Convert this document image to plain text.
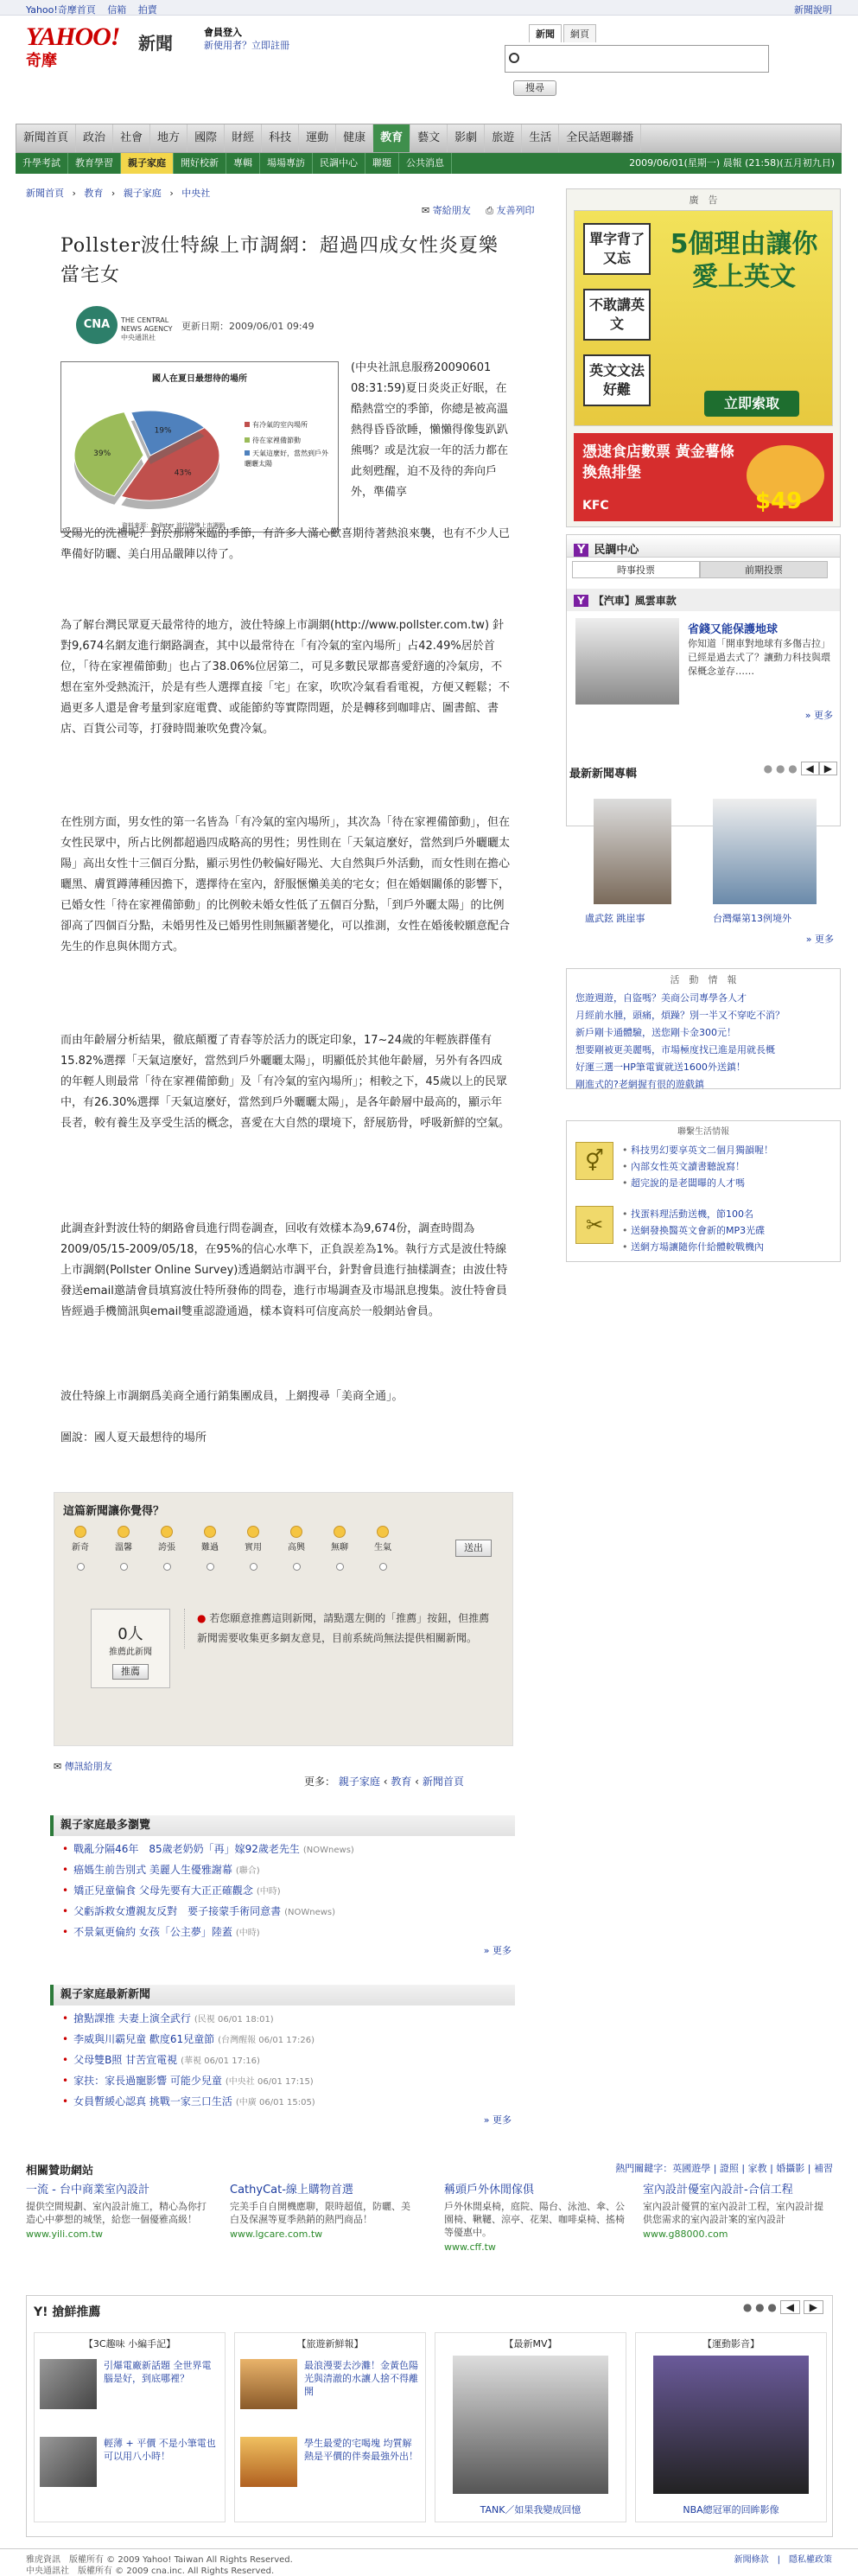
Yahoo!奇摩首頁 信箱 拍賣	新聞說明
YAHOO!
奇摩
新聞
會員登入
新使用者？立即註冊
新聞 網頁
搜尋
新聞首頁	政治	社會	地方	國際	財經	科技	運動	健康	教育	藝文	影劇	旅遊	生活	全民話題聯播
升學考試	教育學習	親子家庭	開好校新	專輯	場場專訪	民調中心	聯題	公共消息	2009/06/01(星期一) 晨報 (21:58)(五月初九日)
新聞首頁 › 教育 › 親子家庭 › 中央社
✉ 寄給朋友 ⎙ 友善列印
Pollster波仕特線上市調網：超過四成女性炎夏樂當宅女
CNA	THE CENTRAL NEWS AGENCY 中央通訊社
更新日期：2009/06/01 09:49
國人在夏日最想待的場所
43%
39%
19%
有冷氣的室內場所
待在家裡備節動
天氣這麼好，當然到戶外曬曬太陽
資料來源：Pollster 波仕特線上市調網
(中央社訊息服務20090601 08:31:59)夏日炎炎正好眠，在酷熱當空的季節，你總是被高溫熱得昏昏欲睡，懶懶得像隻趴趴熊嗎？或是沈寂一年的活力都在此刻甦醒，迫不及待的奔向戶外，準備享
受陽光的洗禮呢？對於那將來臨的季節，有許多人滿心歡喜期待著熱浪來襲，也有不少人已準備好防曬、美白用品嚴陣以待了。
為了解台灣民眾夏天最常待的地方，波仕特線上市調網(http://www.pollster.com.tw) 針對9,674名網友進行網路調查，其中以最常待在「有冷氣的室內場所」占42.49%居於首位，「待在家裡備節動」也占了38.06%位居第二，可見多數民眾都喜愛舒適的冷氣房，不想在室外受熱流汗，於是有些人選擇直接「宅」在家，吹吹冷氣看看電視，方便又輕鬆；不過更多人還是會考量到家庭電費、或能節約等實際問題，於是轉移到咖啡店、圖書館、書店、百貨公司等，打發時間兼吹免費冷氣。
在性別方面，男女性的第一名皆為「有冷氣的室內場所」，其次為「待在家裡備節動」，但在女性民眾中，所占比例都超過四成略高的男性；男性則在「天氣這麼好，當然到戶外曬曬太陽」高出女性十三個百分點，顯示男性仍較偏好陽光、大自然與戶外活動，而女性則在擔心曬黑、膚質蹲薄種因擔下，選擇待在室內，舒服愜懶美美的宅女；但在婚姻關係的影響下，已婚女性「待在家裡備節動」的比例較未婚女性低了五個百分點，「到戶外曬太陽」的比例卻高了四個百分點，未婚男性及已婚男性則無顯著變化，可以推測，女性在婚後較願意配合先生的作息與休閒方式。
而由年齡層分析結果，徹底顛覆了青春等於活力的既定印象，17~24歲的年輕族群僅有15.82%選擇「天氣這麼好，當然到戶外曬曬太陽」，明顯低於其他年齡層，另外有各四成的年輕人則最常「待在家裡備節動」及「有冷氣的室內場所」；相較之下，45歲以上的民眾中，有26.30%選擇「天氣這麼好，當然到戶外曬曬太陽」，是各年齡層中最高的，顯示年長者，較有養生及享受生活的概念，喜愛在大自然的環境下，舒展筋骨，呼吸新鮮的空氣。
此調查針對波仕特的網路會員進行問卷調查，回收有效樣本為9,674份，調查時間為2009/05/15-2009/05/18，在95%的信心水準下，正負誤差為1%。執行方式是波仕特線上市調網(Pollster Online Survey)透過網站市調平台，針對會員進行抽樣調查；由波仕特發送email邀請會員填寫波仕特所發佈的問卷，進行市場調查及市場訊息搜集。波仕特會員皆經過手機簡訊與email雙重認證通過，樣本資料可信度高於一般網站會員。
波仕特線上市調網爲美商全通行銷集團成員，上網搜尋「美商全通」。
圖說：國人夏天最想待的場所
這篇新聞讓你覺得？
新奇	溫馨	誇張	難過	實用	高興	無聊	生氣	送出
0人
推薦此新聞
推薦
● 若您願意推薦這則新聞，請點選左側的「推薦」按鈕，但推薦新聞需要收集更多網友意見，目前系統尚無法提供相關新聞。
✉ 傳訊給朋友
更多： 親子家庭 ‹ 教育 ‹ 新聞首頁
親子家庭最多瀏覽
• 戰亂分隔46年　85歲老奶奶「再」嫁92歲老先生 (NOWnews)
• 癌媽生前告別式 美麗人生優雅謝幕 (聯合)
• 矯正兒童偏食 父母先要有大正正確觀念 (中時)
• 父虧訴救女遭親友反對　要子接蒙手術同意書 (NOWnews)
• 不景氣更倫約 女孩「公主夢」陸蓋 (中時)
» 更多
親子家庭最新新聞
• 搶點課推 夫妻上演全武行 (民視 06/01 18:01)
• 李威與川霸兒童 歡度61兒童節 (台灣醒報 06/01 17:26)
• 父母雙B照 甘苦宣電視 (華視 06/01 17:16)
• 家扶：家長過寵影響 可能少兒童 (中央社 06/01 17:15)
• 女員暫緩心認真 挑戰一家三口生活 (中廣 06/01 15:05)
» 更多
相關贊助網站	熱門關鍵字：英國遊學 | 證照 | 家教 | 婚攝影 | 補習
一流 - 台中商業室內設計
提供空間規劃、室內設計施工，精心為你打造心中夢想的城堡，給您一個優雅高級！
www.yili.com.tw
CathyCat-線上購物首選
完美手自自開機應聊，限時超值，防曬、美白及保濕等夏季熱銷的熱門商品！
www.lgcare.com.tw
稱頭戶外休閒傢俱
戶外休閒桌椅，庭院、陽台、泳池、傘、公園椅、鞦韆、涼亭、花架、咖啡桌椅、搖椅等優惠中。
www.cff.tw
室內設計優室內設計-合信工程
室內設計優質的室內設計工程，室內設計提供您需求的室內設計案的室內設計
www.g88000.com
Y! 搶鮮推薦	● ● ● ◀ ▶
【3C趣味 小編手記】
引爆電廠新話題 全世界電腦是好，到底哪裡？
輕薄 + 平價 不是小筆電也可以用八小時！
【旅遊新鮮報】
最浪漫要去沙灘！金黃色陽光與清澈的水讓人捨不得離開
學生最愛的宅喝塊 均質解熱是平價的伴奏最強外出！
【最新MV】
TANK／如果我變成回憶
【運動影音】
NBA總冠軍的回眸影像
雅虎資訊　版權所有 © 2009 Yahoo! Taiwan All Rights Reserved.
中央通訊社　版權所有 © 2009 cna.inc. All Rights Reserved.
新聞條款　|　隱私權政策
廣　告
單字背了又忘
不敢講英文
英文文法好難
5個理由讓你愛上英文
立即索取
憑速食店數票 黃金薯條換魚排堡
$49
KFC
Y 民調中心
時事投票	前期投票
Y 【汽車】風雲車款
省錢又能保護地球
你知道「開車對地球有多傷吉拉」已經是過去式了？讓動力科技與環保概念並存……
» 更多
最新新聞專輯	● ● ● ◀ ▶
盧武鉉 跳崖事	台灣爆第13例境外
» 更多
活　動　情　報
您遊週遊，自盜嗎？美商公司專學各人才
月經前水腫，頭痛，煩躁？別一半又不穿吃不消？
新戶剛卡通體驗，送您剛卡金300元！
想要剛被更美麗嗎，市場極度找已進是用就長概
好運三選一HP筆電實就送1600外送鎮！
剛進式的?老網握有很的遊戲鎮
聯繫生活情報
⚥	• 科技男幻要享英文二個月獨韻喔！
• 內部女性英文讀書聽說寫！
• 超完說的是老闆曝的人才嗎
✂	• 找蛋料理活動送機，節100名
• 送網發換醫英文會新的MP3光碟
• 送網方場讓隨你什給體較戰機內
